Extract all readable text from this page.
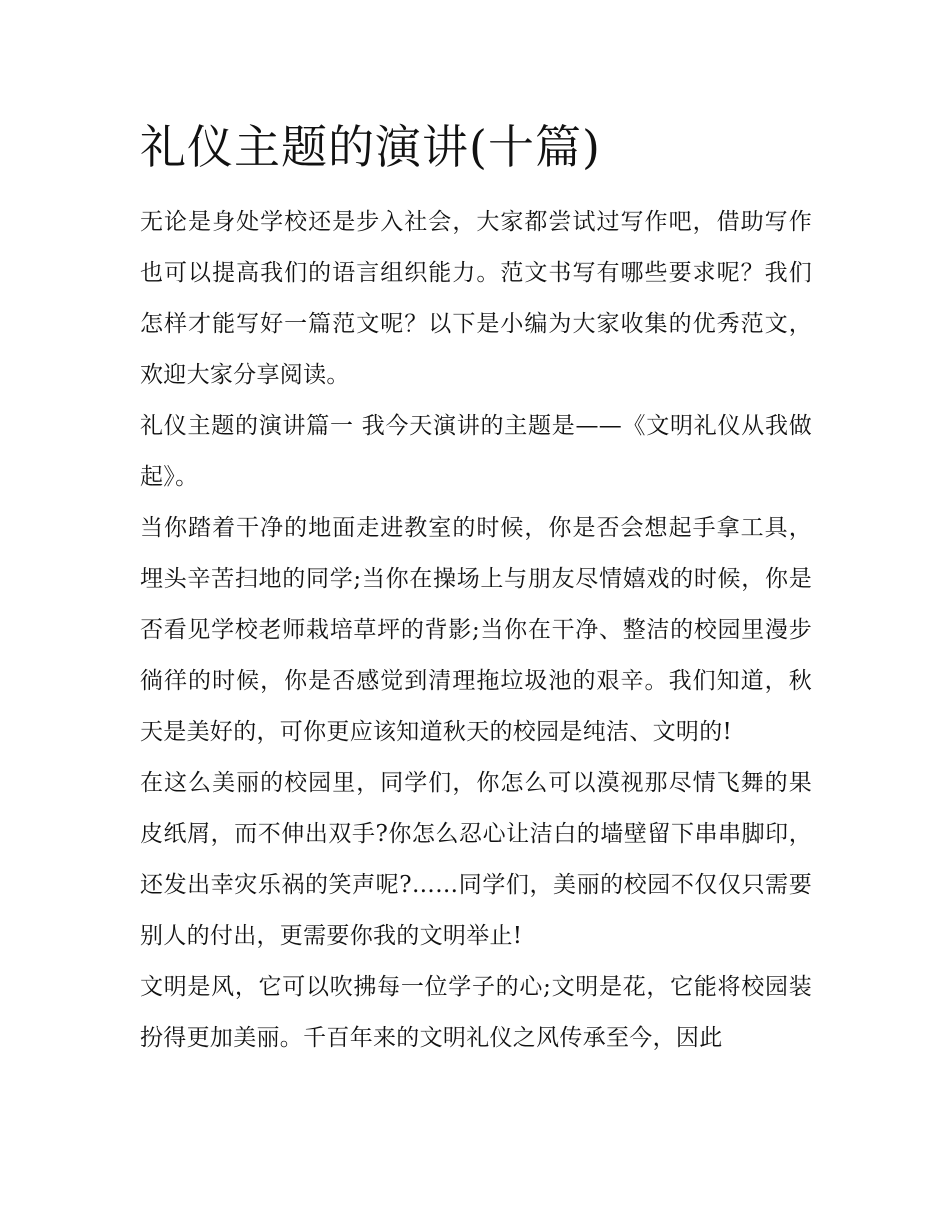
礼仪主题的演讲(十篇)

无论是身处学校还是步入社会，大家都尝试过写作吧，借助写作也可以提高我们的语言组织能力。范文书写有哪些要求呢？我们怎样才能写好一篇范文呢？以下是小编为大家收集的优秀范文，欢迎大家分享阅读。

礼仪主题的演讲篇一 我今天演讲的主题是——《文明礼仪从我做起》。

当你踏着干净的地面走进教室的时候，你是否会想起手拿工具，埋头辛苦扫地的同学;当你在操场上与朋友尽情嬉戏的时候，你是否看见学校老师栽培草坪的背影;当你在干净、整洁的校园里漫步徜徉的时候，你是否感觉到清理拖垃圾池的艰辛。我们知道，秋天是美好的，可你更应该知道秋天的校园是纯洁、文明的!

在这么美丽的校园里，同学们，你怎么可以漠视那尽情飞舞的果皮纸屑，而不伸出双手?你怎么忍心让洁白的墙壁留下串串脚印，还发出幸灾乐祸的笑声呢?……同学们，美丽的校园不仅仅只需要别人的付出，更需要你我的文明举止!

文明是风，它可以吹拂每一位学子的心;文明是花，它能将校园装扮得更加美丽。千百年来的文明礼仪之风传承至今，因此
